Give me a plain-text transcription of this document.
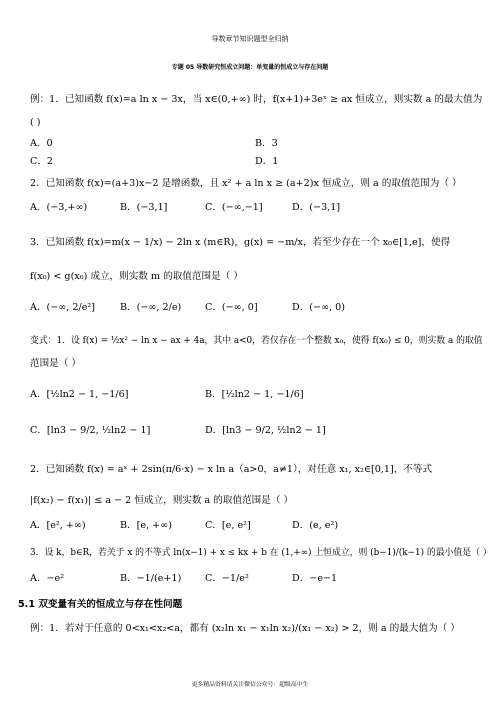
导数章节知识题型全归纳
专题 05 导数研究恒成立问题：单变量的恒成立与存在问题
例：1．已知函数 f(x)=a ln x − 3x，当 x∈(0,+∞) 时，f(x+1)+3eˣ ≥ ax 恒成立，则实数 a 的最大值为
( )
A．0	B．3
C．2	D．1
2．已知函数 f(x)=(a+3)x−2 是增函数，且 x² + a ln x ≥ (a+2)x 恒成立，则 a 的取值范围为（ ）
A．(−3,+∞)	B．(−3,1]	C．(−∞,−1]	D．(−3,1]
3．已知函数 f(x)=m(x − 1/x) − 2ln x (m∈R)，g(x) = −m/x，若至少存在一个 x₀∈[1,e]，使得
f(x₀) < g(x₀) 成立，则实数 m 的取值范围是（ ）
A．(−∞, 2/e²]	B．(−∞, 2/e) C．(−∞, 0]	D．(−∞, 0)
变式：1．设 f(x) = ½x² − ln x − ax + 4a，其中 a<0，若仅存在一个整数 x₀，使得 f(x₀) ≤ 0，则实数 a 的取值
范围是（ ）
A．[½ln2 − 1, −1/6]	B．[½ln2 − 1, −1/6]
C．[ln3 − 9/2, ½ln2 − 1]	D．[ln3 − 9/2, ½ln2 − 1]
2．已知函数 f(x) = aˣ + 2sin(π/6·x) − x ln a（a>0，a≠1），对任意 x₁, x₂∈[0,1]，不等式
|f(x₂) − f(x₁)| ≤ a − 2 恒成立，则实数 a 的取值范围是（ ）
A．[e², +∞)	B．[e, +∞)	C．[e, e²]	D．(e, e²)
3．设 k，b∈R，若关于 x 的不等式 ln(x−1) + x ≤ kx + b 在 (1,+∞) 上恒成立，则 (b−1)/(k−1) 的最小值是（ ）
A．−e²	B．−1/(e+1) C．−1/e²	D．−e−1
5.1 双变量有关的恒成立与存在性问题
例：1．若对于任意的 0<x₁<x₂<a，都有 (x₂ln x₁ − x₁ln x₂)/(x₁ − x₂) > 2，则 a 的最大值为（ ）
更多精品资料请关注微信公众号：超级高中生
